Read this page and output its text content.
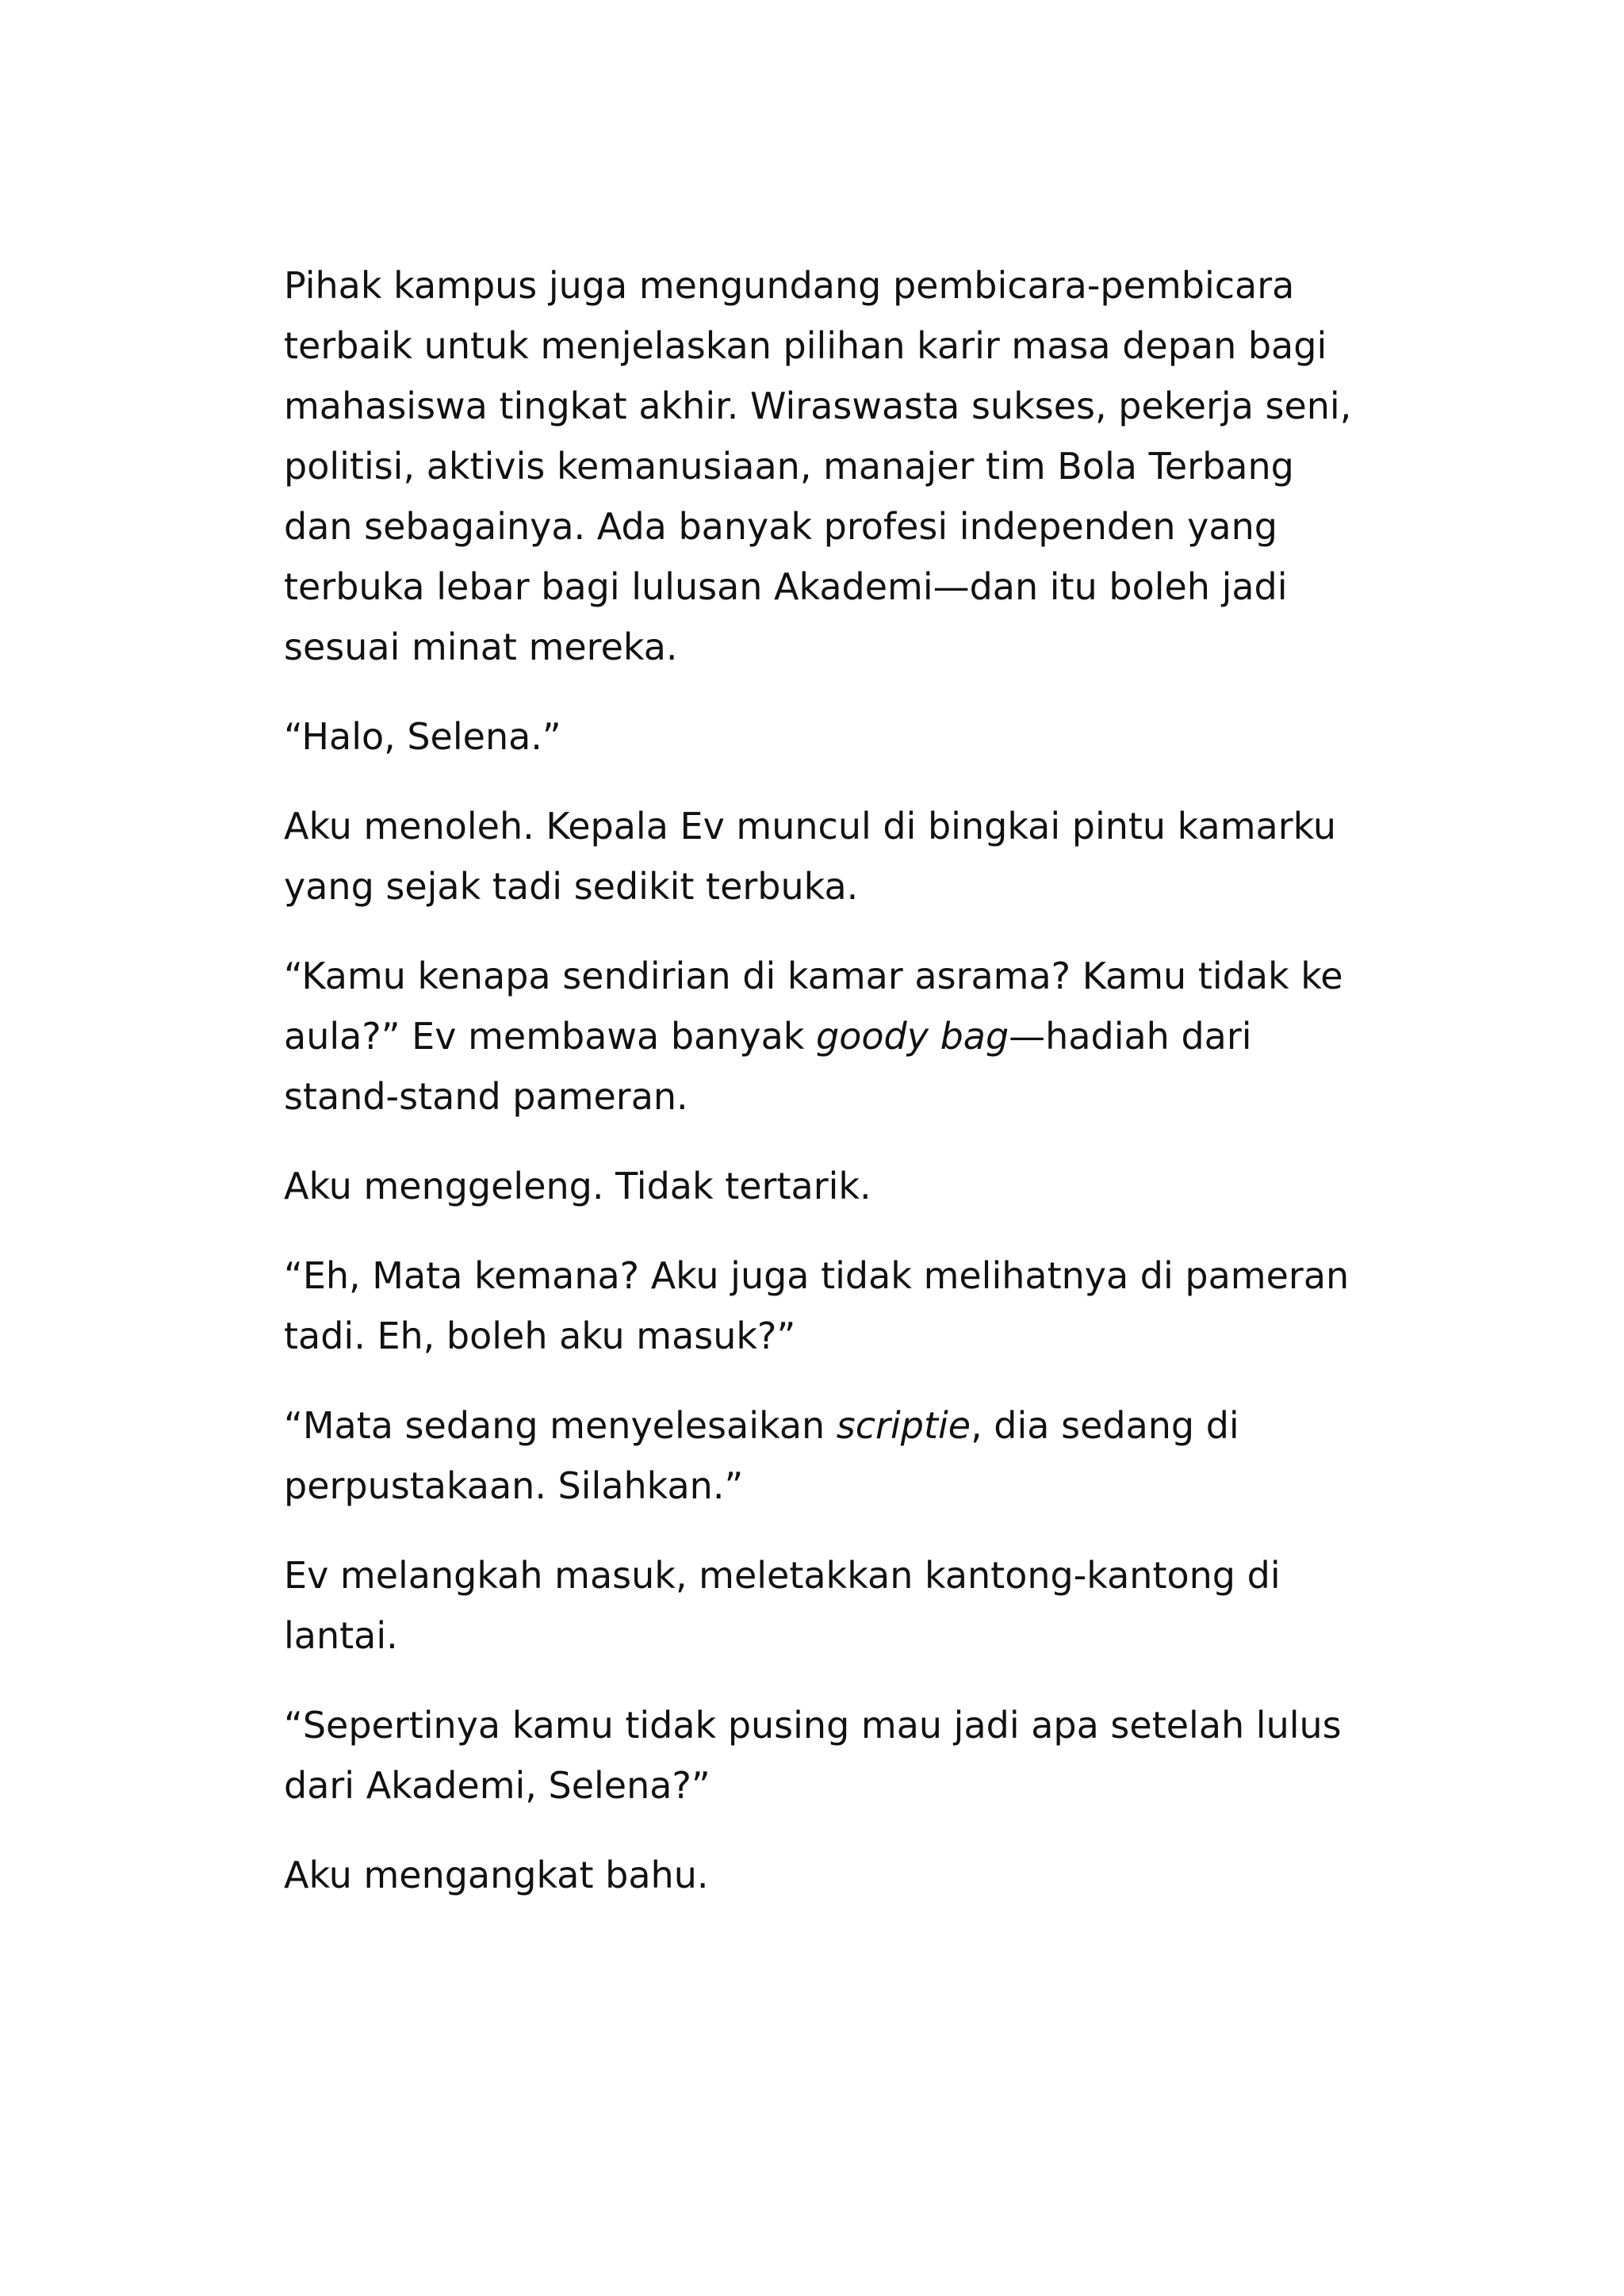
Pihak kampus juga mengundang pembicara-pembicara terbaik untuk menjelaskan pilihan karir masa depan bagi mahasiswa tingkat akhir. Wiraswasta sukses, pekerja seni, politisi, aktivis kemanusiaan, manajer tim Bola Terbang dan sebagainya. Ada banyak profesi independen yang terbuka lebar bagi lulusan Akademi—dan itu boleh jadi sesuai minat mereka.

“Halo, Selena.”

Aku menoleh. Kepala Ev muncul di bingkai pintu kamarku yang sejak tadi sedikit terbuka.

“Kamu kenapa sendirian di kamar asrama? Kamu tidak ke aula?” Ev membawa banyak goody bag—hadiah dari stand-stand pameran.

Aku menggeleng. Tidak tertarik.

“Eh, Mata kemana? Aku juga tidak melihatnya di pameran tadi. Eh, boleh aku masuk?”

“Mata sedang menyelesaikan scriptie, dia sedang di perpustakaan. Silahkan.”

Ev melangkah masuk, meletakkan kantong-kantong di lantai.

“Sepertinya kamu tidak pusing mau jadi apa setelah lulus dari Akademi, Selena?”

Aku mengangkat bahu.
